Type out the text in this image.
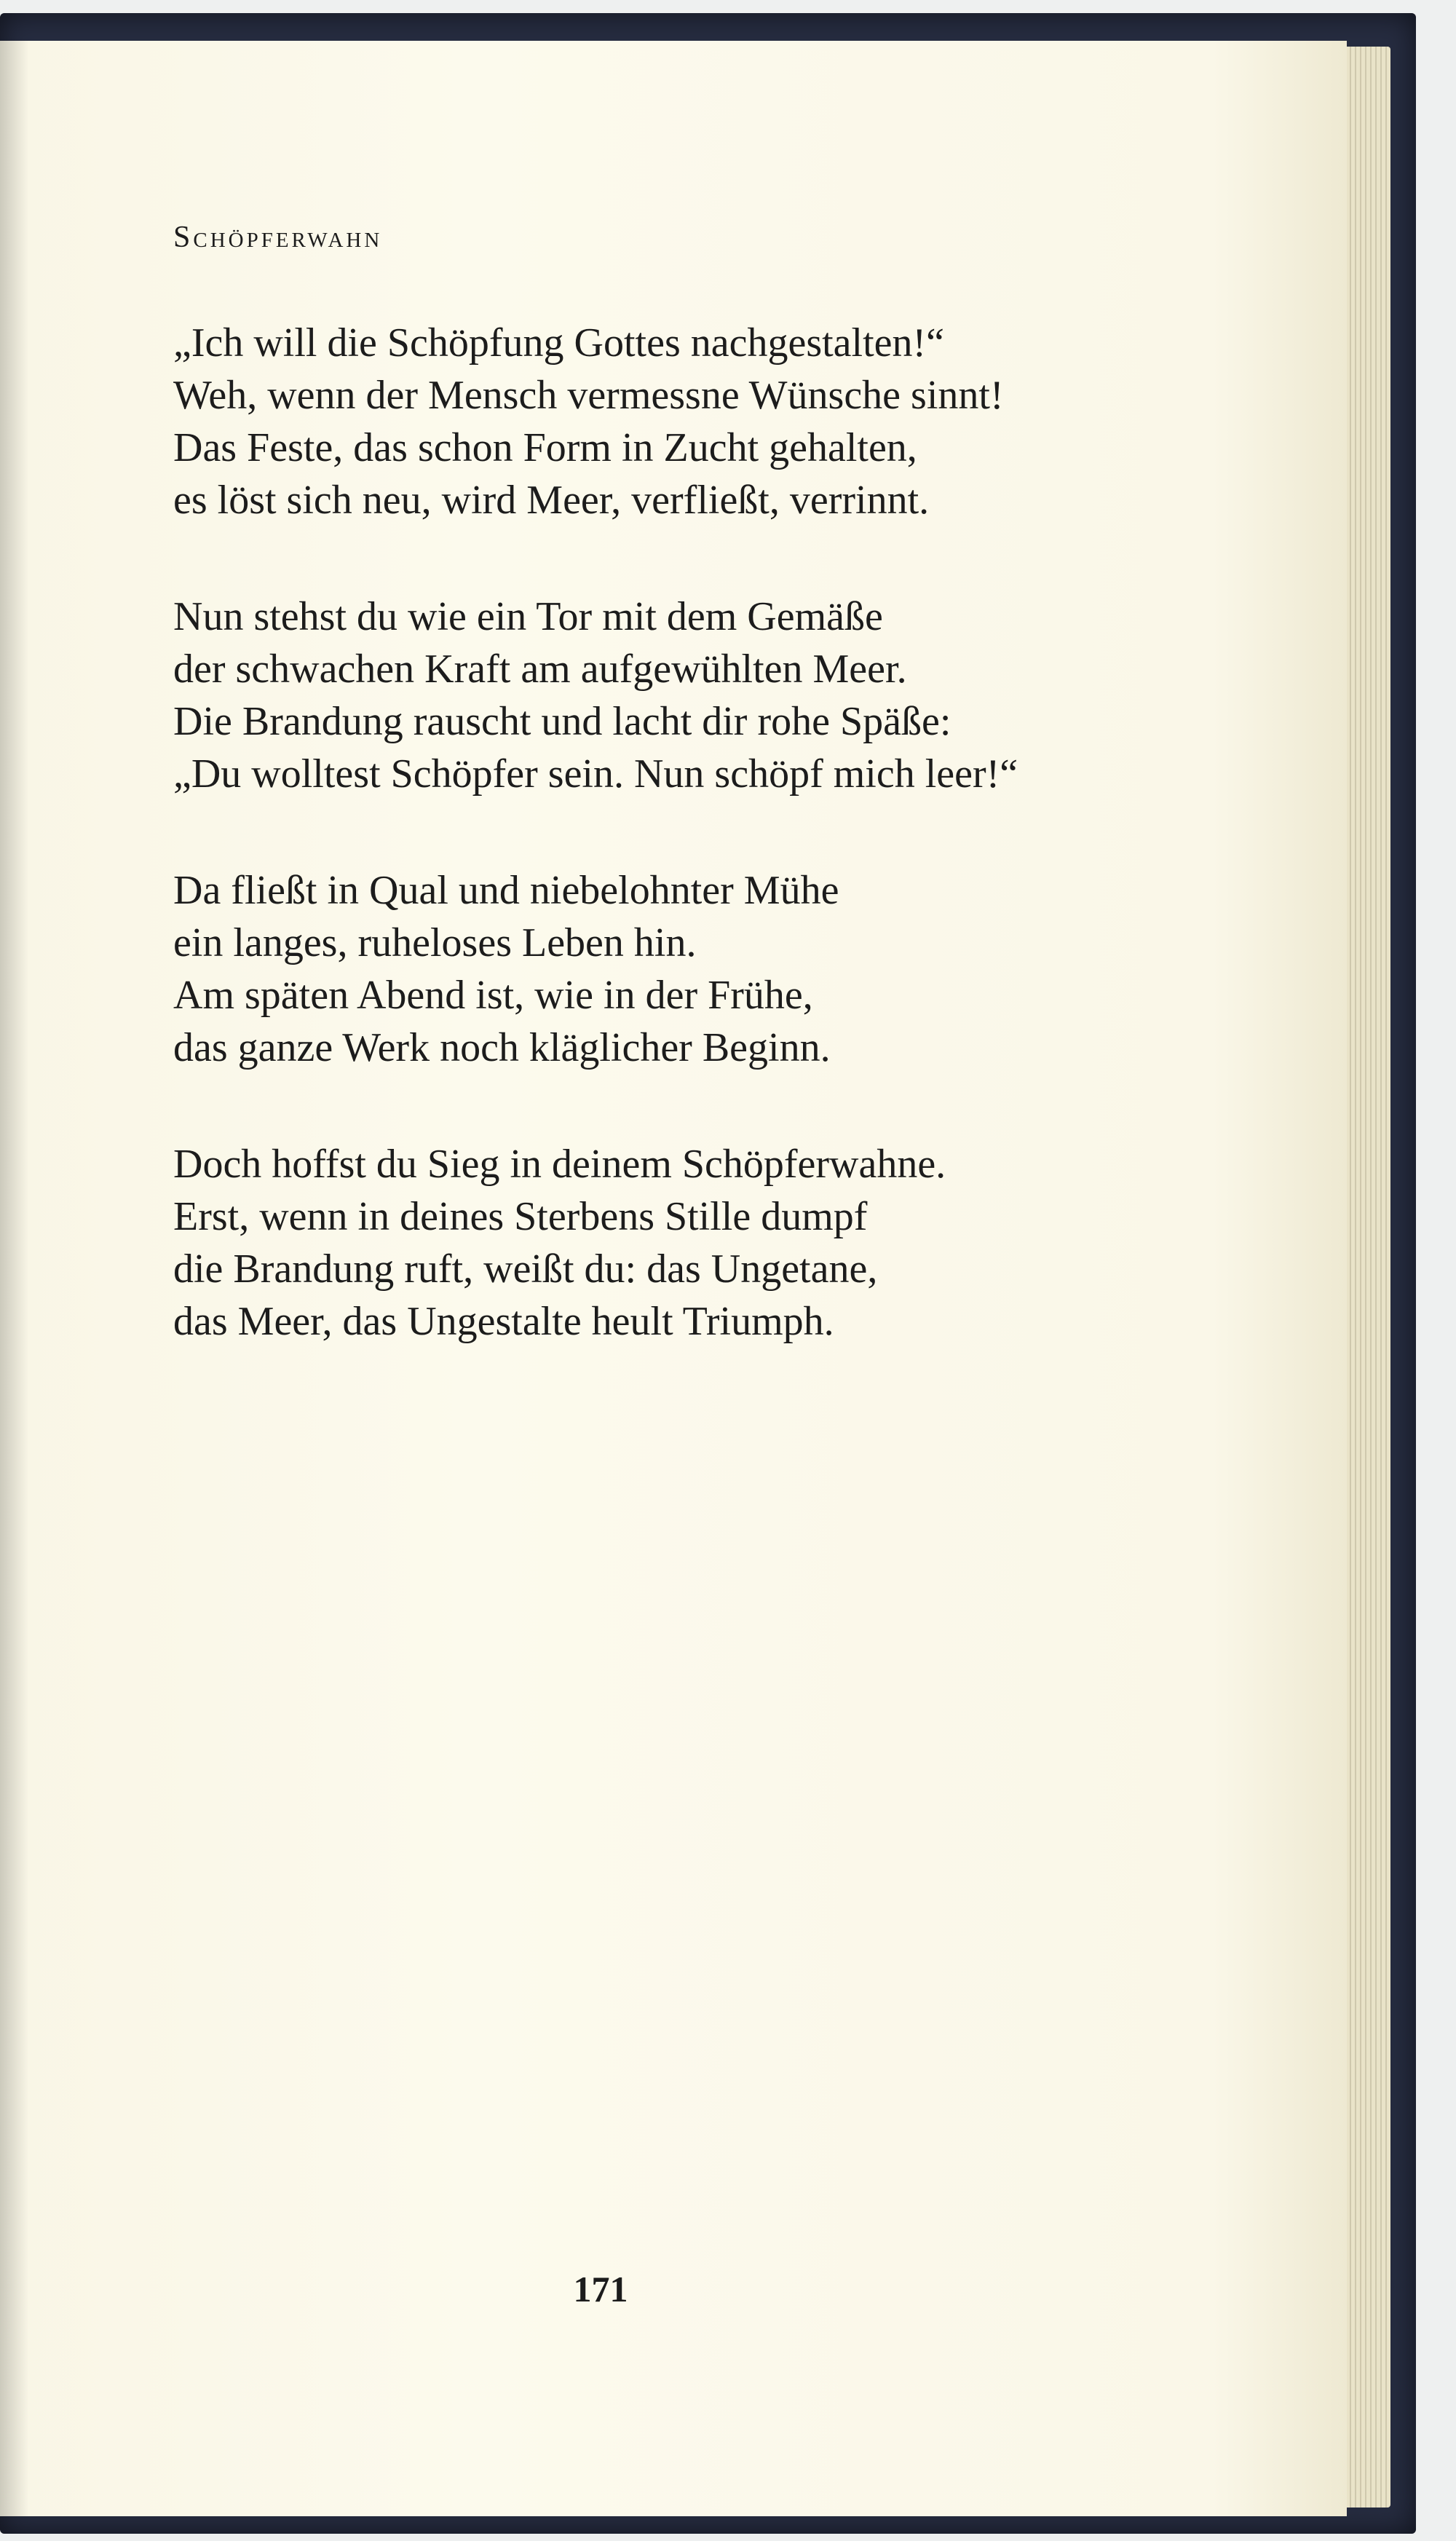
Schöpferwahn
„Ich will die Schöpfung Gottes nachgestalten!“
Weh, wenn der Mensch vermessne Wünsche sinnt!
Das Feste, das schon Form in Zucht gehalten,
es löst sich neu, wird Meer, verfließt, verrinnt.
Nun stehst du wie ein Tor mit dem Gemäße
der schwachen Kraft am aufgewühlten Meer.
Die Brandung rauscht und lacht dir rohe Späße:
„Du wolltest Schöpfer sein. Nun schöpf mich leer!“
Da fließt in Qual und niebelohnter Mühe
ein langes, ruheloses Leben hin.
Am späten Abend ist, wie in der Frühe,
das ganze Werk noch kläglicher Beginn.
Doch hoffst du Sieg in deinem Schöpferwahne.
Erst, wenn in deines Sterbens Stille dumpf
die Brandung ruft, weißt du: das Ungetane,
das Meer, das Ungestalte heult Triumph.
171
